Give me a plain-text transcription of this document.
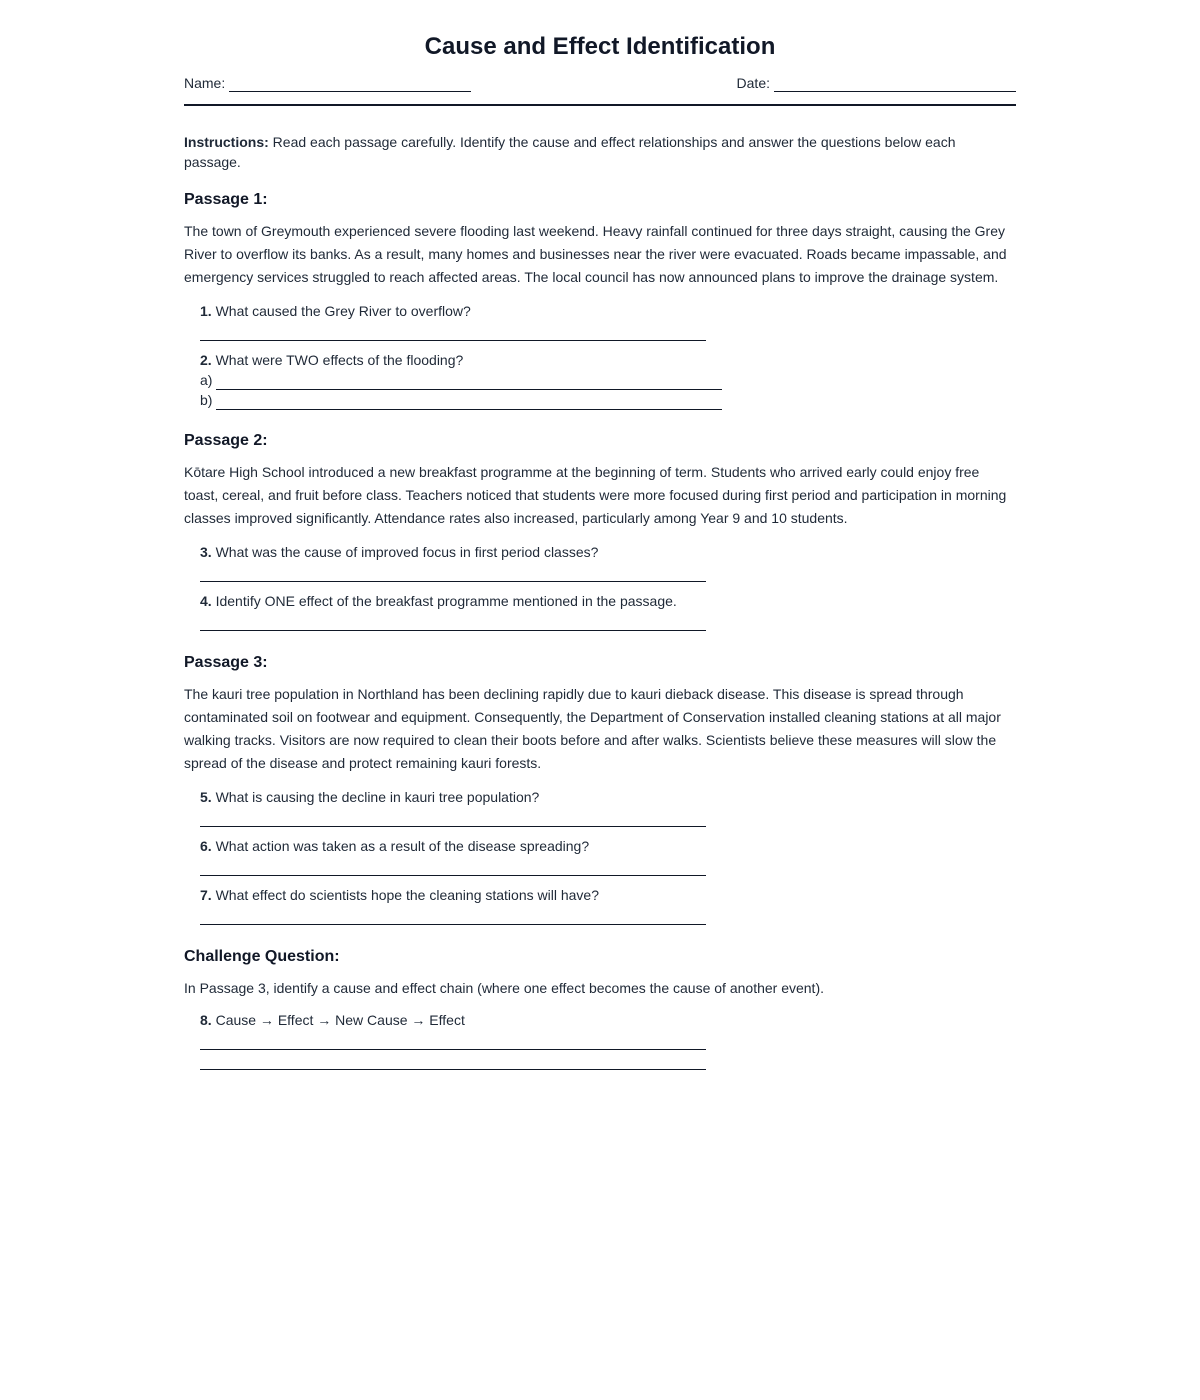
Cause and Effect Identification
Name:	Date:
Instructions: Read each passage carefully. Identify the cause and effect relationships and answer the questions below each passage.
Passage 1:

The town of Greymouth experienced severe flooding last weekend. Heavy rainfall continued for three days straight, causing the Grey River to overflow its banks. As a result, many homes and businesses near the river were evacuated. Roads became impassable, and emergency services struggled to reach affected areas. The local council has now announced plans to improve the drainage system.

1. What caused the Grey River to overflow?
2. What were TWO effects of the flooding?
a)
b)
Passage 2:

Kōtare High School introduced a new breakfast programme at the beginning of term. Students who arrived early could enjoy free toast, cereal, and fruit before class. Teachers noticed that students were more focused during first period and participation in morning classes improved significantly. Attendance rates also increased, particularly among Year 9 and 10 students.

3. What was the cause of improved focus in first period classes?
4. Identify ONE effect of the breakfast programme mentioned in the passage.
Passage 3:

The kauri tree population in Northland has been declining rapidly due to kauri dieback disease. This disease is spread through contaminated soil on footwear and equipment. Consequently, the Department of Conservation installed cleaning stations at all major walking tracks. Visitors are now required to clean their boots before and after walks. Scientists believe these measures will slow the spread of the disease and protect remaining kauri forests.

5. What is causing the decline in kauri tree population?
6. What action was taken as a result of the disease spreading?
7. What effect do scientists hope the cleaning stations will have?
Challenge Question:

In Passage 3, identify a cause and effect chain (where one effect becomes the cause of another event).

8. Cause → Effect → New Cause → Effect
